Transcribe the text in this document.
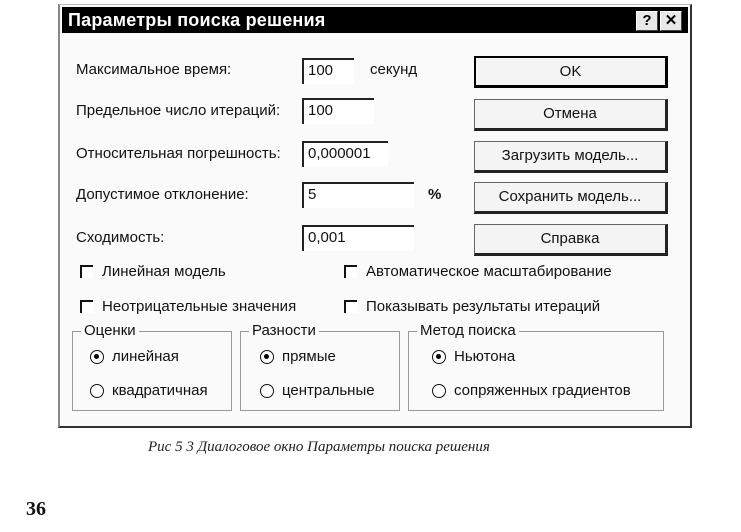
Параметры поиска решения	? ✕
Максимальное время:	100	секунд
Предельное число итераций:	100
Относительная погрешность:	0,000001
Допустимое отклонение:	5	%
Сходимость:	0,001
OK
Отмена
Загрузить модель...
Сохранить модель...
Справка
Линейная модель	Автоматическое масштабирование
Неотрицательные значения	Показывать результаты итераций
Оценки
линейная
квадратичная
Разности
прямые
центральные
Метод поиска
Ньютона
сопряженных градиентов
Рис 5 3 Диалоговое окно Параметры поиска решения
36
